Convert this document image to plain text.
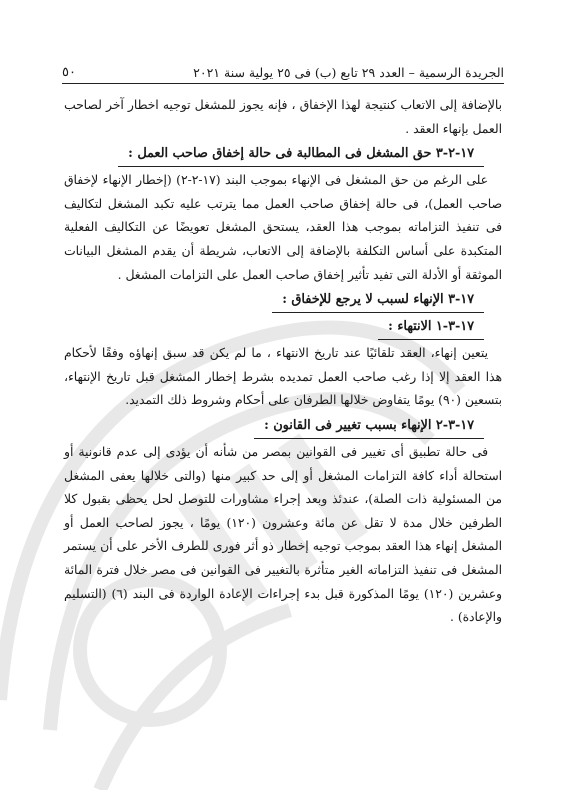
الجريدة الرسمية – العدد ٢٩ تابع (ب) فى ٢٥ يولية سنة ٢٠٢١
٥٠

بالإضافة إلى الاتعاب كنتيجة لهذا الإخفاق ، فإنه يجوز للمشغل توجيه اخطار آخر لصاحب العمل بإنهاء العقد .

١٧-٢-٣ حق المشغل فى المطالبة فى حالة إخفاق صاحب العمل :

على الرغم من حق المشغل فى الإنهاء بموجب البند (١٧-٢-٢) (إخطار الإنهاء لإخفاق صاحب العمل)، فى حالة إخفاق صاحب العمل مما يترتب عليه تكبد المشغل لتكاليف فى تنفيذ التزاماته بموجب هذا العقد، يستحق المشغل تعويضًا عن التكاليف الفعلية المتكبدة على أساس التكلفة بالإضافة إلى الاتعاب، شريطة أن يقدم المشغل البيانات الموثقة أو الأدلة التى تفيد تأثير إخفاق صاحب العمل على التزامات المشغل .

١٧-٣ الإنهاء لسبب لا يرجع للإخفاق :
١٧-٣-١ الانتهاء :

يتعين إنهاء، العقد تلقائيًا عند تاريخ الانتهاء ، ما لم يكن قد سبق إنهاؤه وفقًا لأحكام هذا العقد إلا إذا رغب صاحب العمل تمديده بشرط إخطار المشغل قبل تاريخ الإنتهاء، بتسعين (٩٠) يومًا يتفاوض خلالها الطرفان على أحكام وشروط ذلك التمديد.

١٧-٣-٢ الإنهاء بسبب تغيير فى القانون :

فى حالة تطبيق أى تغيير فى القوانين بمصر من شأنه أن يؤدى إلى عدم قانونية أو استحالة أداء كافة التزامات المشغل أو إلى حد كبير منها (والتى خلالها يعفى المشغل من المسئولية ذات الصلة)، عندئذ وبعد إجراء مشاورات للتوصل لحل يحظى بقبول كلا الطرفين خلال مدة لا تقل عن مائة وعشرون (١٢٠) يومًا ، يجوز لصاحب العمل أو المشغل إنهاء هذا العقد بموجب توجيه إخطار ذو أثر فورى للطرف الأخر على أن يستمر المشغل فى تنفيذ التزاماته الغير متأثرة بالتغيير فى القوانين فى مصر خلال فترة المائة وعشرين (١٢٠) يومًا المذكورة قبل بدء إجراءات الإعادة الواردة فى البند (٦) (التسليم والإعادة) .
